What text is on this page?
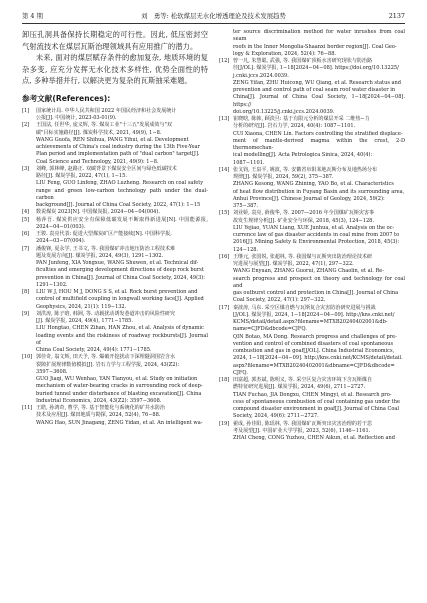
第 4 期	刘　勇等: 松软煤层无水化增透理论及技术发展趋势	2137

卸压孔洞具备保持长期稳定的可行性。因此, 低压密封空气射流技术在煤层瓦斯治理领域具有应用推广的潜力。

未来, 面对的煤层赋存条件的愈加复杂, 地质环境的复杂多变, 应充分发挥无水化技术多样性, 优势全面性的特点, 多种举措并行, 以解决更为复杂的瓦斯抽采难题。

参考文献(References):
[1]	国家统计局. 中华人民共和国 2022 年国民经济和社会发展统计
公报[J]. 中国统计, 2023-03-01(9).
[2]	王国法, 任世华, 庞义辉, 等. 煤炭工业"十三五"发展成效与"双
碳"目标实施路径[J]. 煤炭科学技术, 2021, 49(9), 1−8.
WANG Guofa, REN Shihua, PANG Yihui, et al. Development
achievements of China's coal industry during the 13th Five-Year
Plan period and implementation path of "dual carbon" target[J].
Coal Science and Technology, 2021, 49(9): 1−8.
[3]	刘峰, 郭林峰, 赵路正. 双碳背景下煤炭安全区间与绿色低碳技术
路径[J]. 煤炭学报, 2022, 47(1), 1−15.
LIU Feng, GUO Linfeng, ZHAO Luzheng. Research on coal safety
range and green low-carbon technology path under the dual-carbon
background[J]. Journal of China Coal Society, 2022, 47(1): 1−15
[4]	数说煤炭 2023[N]. 中国煤炭报, 2024−04−04(004).
[5]	杨萍吾. 煤炭供应安全有保障低碳发展不断取得新进展[N]. 中国能源报, 2024−04−01(003).
[6]	王骏. 袁亮代表: 促进大型煤炭矿区产能接续[N]. 中国科学报,
2024−03−07(004).
[7]	潘俊锋, 夏永学, 王书文, 等. 我国煤矿冲击地压防治工程技术难
题及发展方向[J]. 煤炭学报, 2024, 49(3), 1291−1302.
PAN Junfeng, XIA Yongxue, WANG Shuwen, et al. Technical dif-
ficulties and emerging development directions of deep rock burst
prevention in China[J]. Journal of China Coal Society, 2024, 49(3):
1291−1302.
[8]	LIU W J, HOU M J, DONG S S, et al. Rock burst prevention and
control of multifield coupling in longwall working face[J]. Applied
Geophysics, 2024, 21(1): 119−132.
[9]	刘洪涛, 陈子晗, 韩洲, 等. 动载扰动诱发巷道冲击的风险性研究
[J]. 煤炭学报, 2024, 49(4), 1771−1785.
LIU Hongtao, CHEN Zihan, HAN Zhou, et al. Analysis of dynamic
loading events and the riskiness of roadway rockbursts[J]. Journal of
China Coal Society, 2024, 49(4): 1771−1785.
[10] 郭佳奇, 翁文辉, 田天予, 等. 爆破开挖扰动下深埋隧洞围岩含水
裂隙扩展规律数值模拟[J]. 岩石力学与工程学报, 2024, 43(Z2):
3597−3608.
GUO Jiaqi, WU Wenhao, YAN Tianyou, et al. Study on initiation
mechanism of water-bearing cracks in surrounding rock of deep-
buried tunnel under disturbance of blasting excavation[J]. China
Industrial Economics, 2024, 43(Z2): 3597−3608.
[11] 王皓, 孙鸿奇, 曹学, 等. 基于智能化与系统化的矿井水防治
技术及应用[J]. 煤田地质与勘探, 2024, 52(4), 76−88.
WANG Hao, SUN Jinagang, ZENG Yidan, et al. An intelligent wa-
ter source discrimination method for water inrushes from coal seam
roofs in the Inner Mongolia-Shaanxi border region[J]. Coal Geo-
logy & Exploration, 2024, 52(4): 76−88.
[12] 曾一凡, 朱慧聪, 武强, 等. 我国煤矿顶板水害研究现状与防治路
径[J/OL]. 煤炭学报, 1−18[2024−04−08]. https://doi.org/10.13225/
j.cnki.jccs.2024.0039.
ZENG Yifan, ZHU Huicong, WU Qiang, et al. Research status and
prevention and control path of coal seam roof water disaster in
China[J]. Journal of China Coal Society, 1−18[2024−04−08]. https://
doi.org/10.13225/j.cnki.jccs.2024.0039.
[13] 崔晓晗, 陈韩, 顾淡旦: 基于有限元分析的煤层开采 二维热−力
分析的研究[J]. 岩石力学, 2024, 40(4): 1087−1101.
CUI Xiaona, CHEN Lin. Factors controlling the stratified displace-
ment of mantle-derived magma within the crust, 2-D thermomechan-
ical modelling[J]. Acta Petrologica Sinica, 2024, 40(4):
1087−1101.
[14] 张戈钧, 王泉平, 姚波, 等. 安徽省阜阳某地瓦斯分布及地热场分布
规律[J]. 煤炭学报, 2024, 59(2), 375−387.
ZHANG Kesong, WANG Zhining, YAO Bo, et al. Characteristics
of heat flow distribution in Fuyang Basin and its surrounding area,
Anhui Province[J]. Chinese Journal of Geology, 2024, 59(2):
375−387.
[15] 刘业娇, 袁亮, 薛俊华, 等. 2007—2016 年全国煤矿瓦斯灾害事
故发生规律分析[J]. 矿业安全与环保, 2018, 45(3), 124−128.
LIU Yejiao, YUAN Liang, XUE Junhua, et al. Analysis on the oc-
currence law of gas disaster accidents in coal mine from 2007 to
2016[J]. Mining Safety & Environmental Protection, 2018, 45(3):
124−128.
[16] 王继元, 张国锐, 张超林, 等. 我国煤与瓦斯突出防治理论技术研
究进展与展望[J]. 煤炭学报, 2022, 47(1), 297−322.
WANG Enyuan, ZHANG Guorui, ZHANG Chaolin, et al. Re-
search progress and prospect on theory and technology for coal and
gas outburst control and protection in China[J]. Journal of China
Coal Society, 2022, 47(1): 297−322.
[17] 秦波涛, 马东. 采空区煤自燃与瓦斯复合灾害防治研究进展与挑战
[J/OL]. 煤炭学报, 2024, 1−18[2024−04−09]. http://kns.cnki.net/
KCMS/detail/detail.aspx?filename=MTXB20240402001&db-
name=CJFD&dbcode=CJFQ.
QIN Botao, MA Dong. Research progress and challenges of pre-
vention and control of combined disasters of coal spontaneous
combustion and gas in goaf[J/OL]. China Industrial Economics,
2024, 1−18[2024−04−09]. http://kns.cnki.net/KCMS/detail/detail.
aspx?filename=MTXB20240402001&dbname=CJFD&dbcode=
CJFQ.
[18] 田富超, 郭杰斌, 陈明义, 等. 采空区复合灾害环境下含瓦斯煤自
燃特征研究进展[J]. 煤炭学报, 2024, 49(6), 2711−2727.
TIAN Fuchao, JIA Dongxu, CHEN Mingyi, et al. Research pro-
cess of spontaneous combustion of coal containing gas under the
compound disaster environment in goaf[J]. Journal of China Coal
Society, 2024, 49(6): 2711−2727.
[19] 翟成, 孙佳阳, 陈瑶林, 等. 我国煤矿瓦斯突出灾害治理的若干思
考及展望[J]. 中国矿业大学学报, 2023, 52(6), 1146−1161.
ZHAI Cheng, CONG Yuzhou, CHEN Aikun, et al. Reflection and
